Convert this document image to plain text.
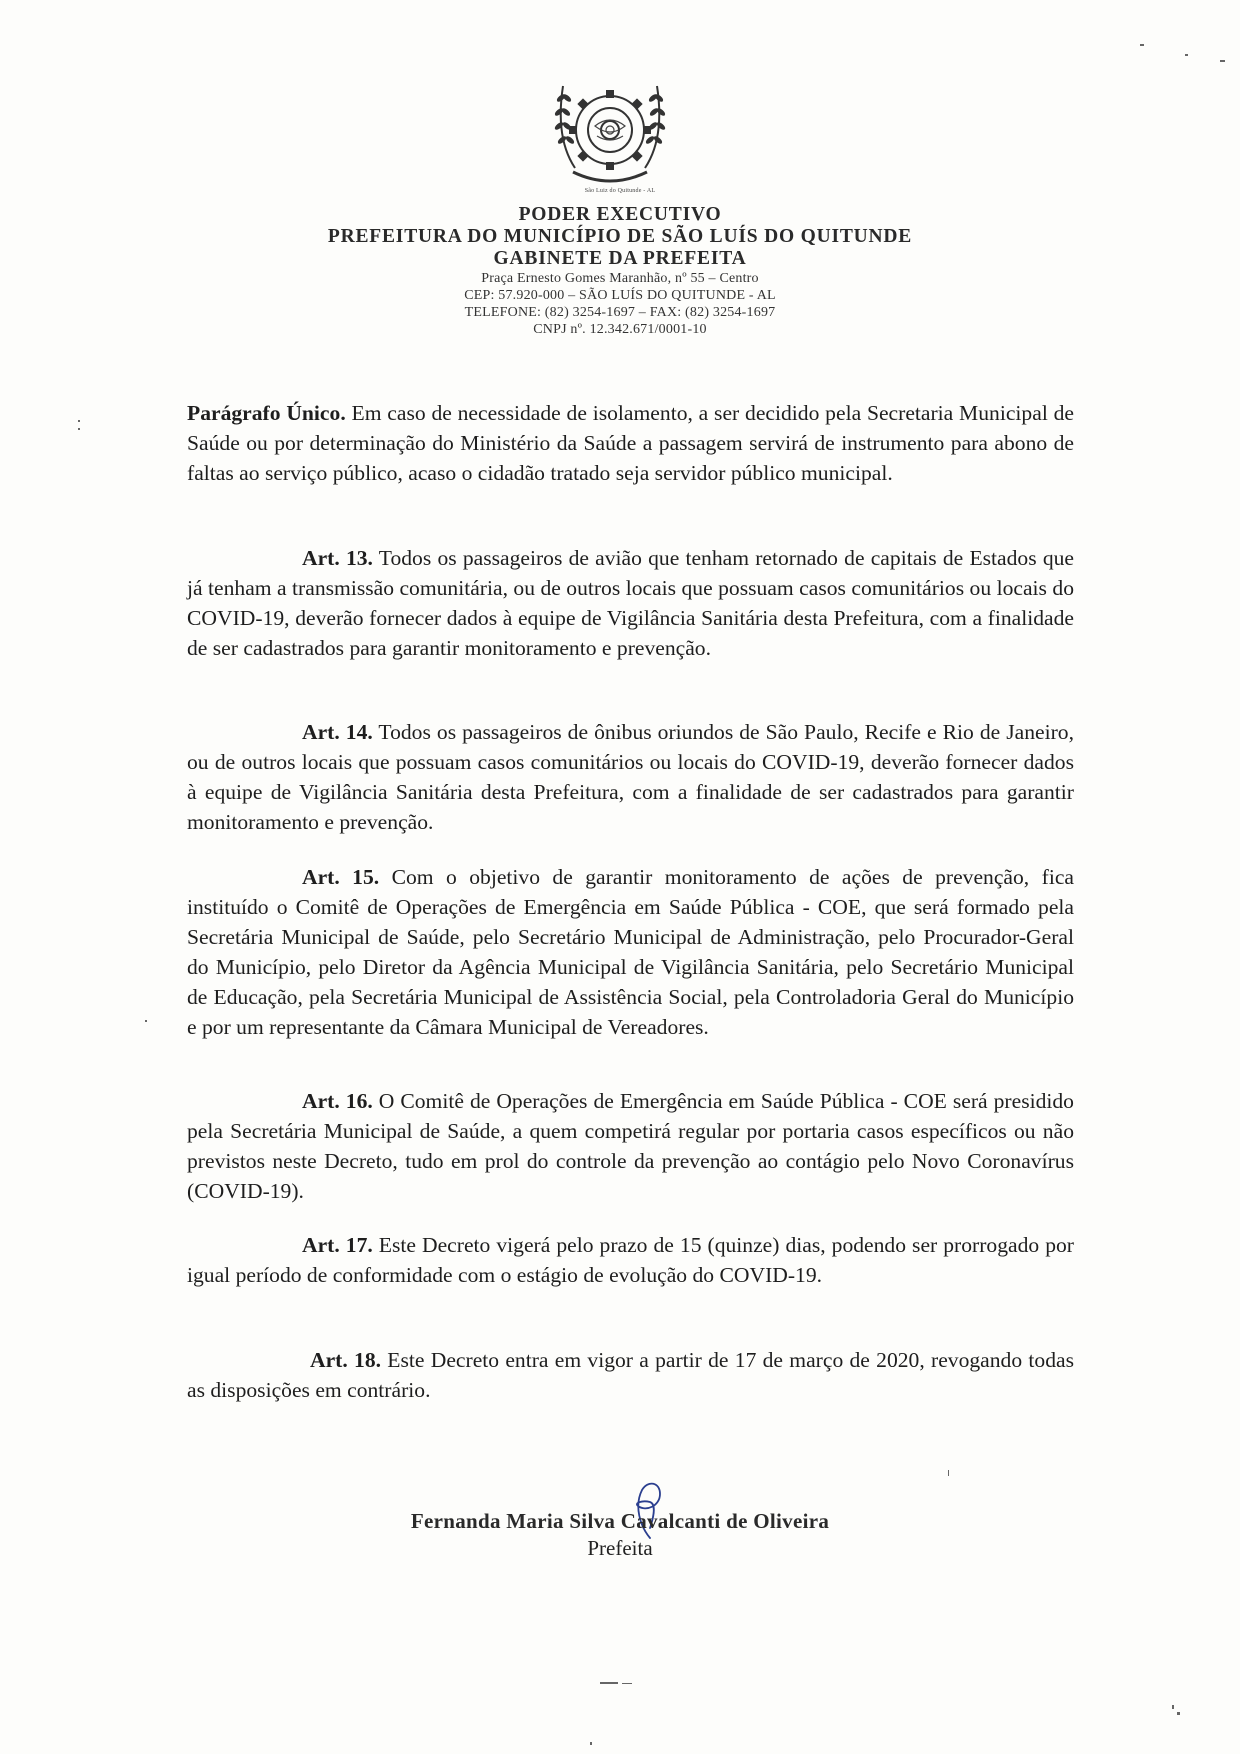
São Luiz do Quitunde - AL
PODER EXECUTIVO
PREFEITURA DO MUNICÍPIO DE SÃO LUÍS DO QUITUNDE
GABINETE DA PREFEITA
Praça Ernesto Gomes Maranhão, nº 55 – Centro
CEP: 57.920-000 – SÃO LUÍS DO QUITUNDE - AL
TELEFONE: (82) 3254-1697 – FAX: (82) 3254-1697
CNPJ nº. 12.342.671/0001-10

Parágrafo Único. Em caso de necessidade de isolamento, a ser decidido pela Secretaria Municipal de Saúde ou por determinação do Ministério da Saúde a passagem servirá de instrumento para abono de faltas ao serviço público, acaso o cidadão tratado seja servidor público municipal.

Art. 13. Todos os passageiros de avião que tenham retornado de capitais de Estados que já tenham a transmissão comunitária, ou de outros locais que possuam casos comunitários ou locais do COVID-19, deverão fornecer dados à equipe de Vigilância Sanitária desta Prefeitura, com a finalidade de ser cadastrados para garantir monitoramento e prevenção.

Art. 14. Todos os passageiros de ônibus oriundos de São Paulo, Recife e Rio de Janeiro, ou de outros locais que possuam casos comunitários ou locais do COVID-19, deverão fornecer dados à equipe de Vigilância Sanitária desta Prefeitura, com a finalidade de ser cadastrados para garantir monitoramento e prevenção.

Art. 15. Com o objetivo de garantir monitoramento de ações de prevenção, fica instituído o Comitê de Operações de Emergência em Saúde Pública - COE, que será formado pela Secretária Municipal de Saúde, pelo Secretário Municipal de Administração, pelo Procurador-Geral do Município, pelo Diretor da Agência Municipal de Vigilância Sanitária, pelo Secretário Municipal de Educação, pela Secretária Municipal de Assistência Social, pela Controladoria Geral do Município e por um representante da Câmara Municipal de Vereadores.

Art. 16. O Comitê de Operações de Emergência em Saúde Pública - COE será presidido pela Secretária Municipal de Saúde, a quem competirá regular por portaria casos específicos ou não previstos neste Decreto, tudo em prol do controle da prevenção ao contágio pelo Novo Coronavírus (COVID-19).

Art. 17. Este Decreto vigerá pelo prazo de 15 (quinze) dias, podendo ser prorrogado por igual período de conformidade com o estágio de evolução do COVID-19.

Art. 18. Este Decreto entra em vigor a partir de 17 de março de 2020, revogando todas as disposições em contrário.

Fernanda Maria Silva Cavalcanti de Oliveira
Prefeita
